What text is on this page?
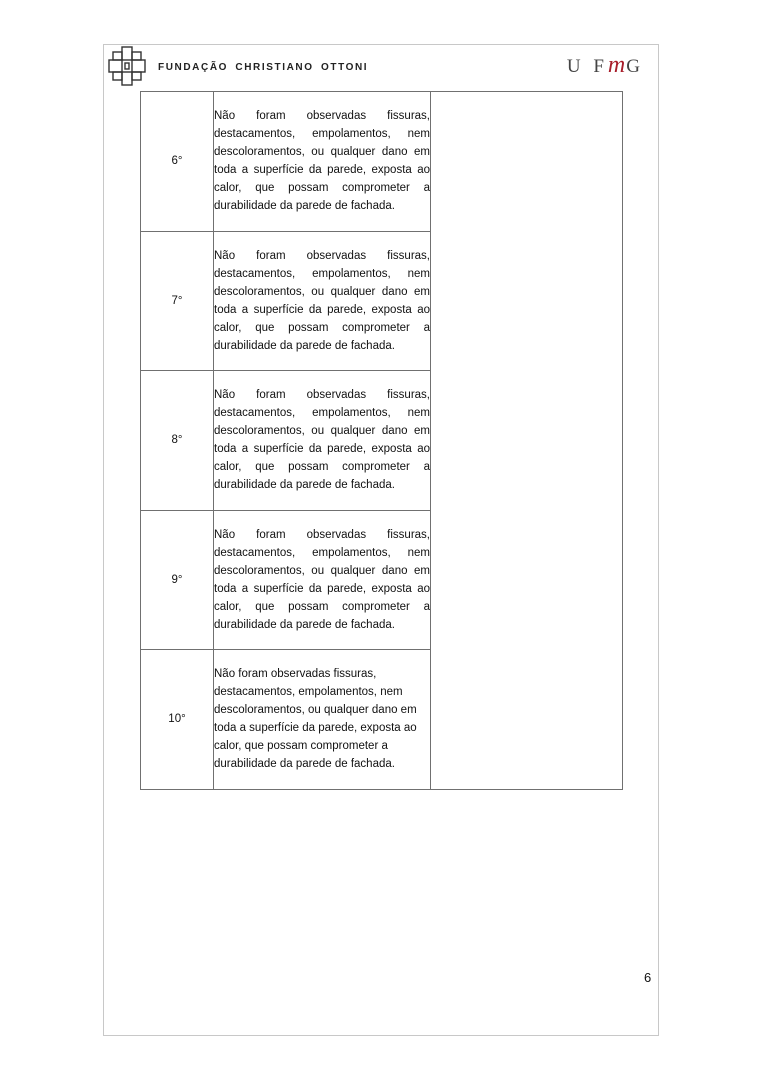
FUNDAÇÃO CHRISTIANO OTTONI	U FmG
6°	Não foram observadas fissuras, destacamentos, empolamentos, nem descoloramentos, ou qualquer dano em toda a superfície da parede, exposta ao calor, que possam comprometer a durabilidade da parede de fachada.	
7°	Não foram observadas fissuras, destacamentos, empolamentos, nem descoloramentos, ou qualquer dano em toda a superfície da parede, exposta ao calor, que possam comprometer a durabilidade da parede de fachada.	
8°	Não foram observadas fissuras, destacamentos, empolamentos, nem descoloramentos, ou qualquer dano em toda a superfície da parede, exposta ao calor, que possam comprometer a durabilidade da parede de fachada.	
9°	Não foram observadas fissuras, destacamentos, empolamentos, nem descoloramentos, ou qualquer dano em toda a superfície da parede, exposta ao calor, que possam comprometer a durabilidade da parede de fachada.	
10°	Não foram observadas fissuras, destacamentos, empolamentos, nem descoloramentos, ou qualquer dano em toda a superfície da parede, exposta ao calor, que possam comprometer a durabilidade da parede de fachada.	
6
